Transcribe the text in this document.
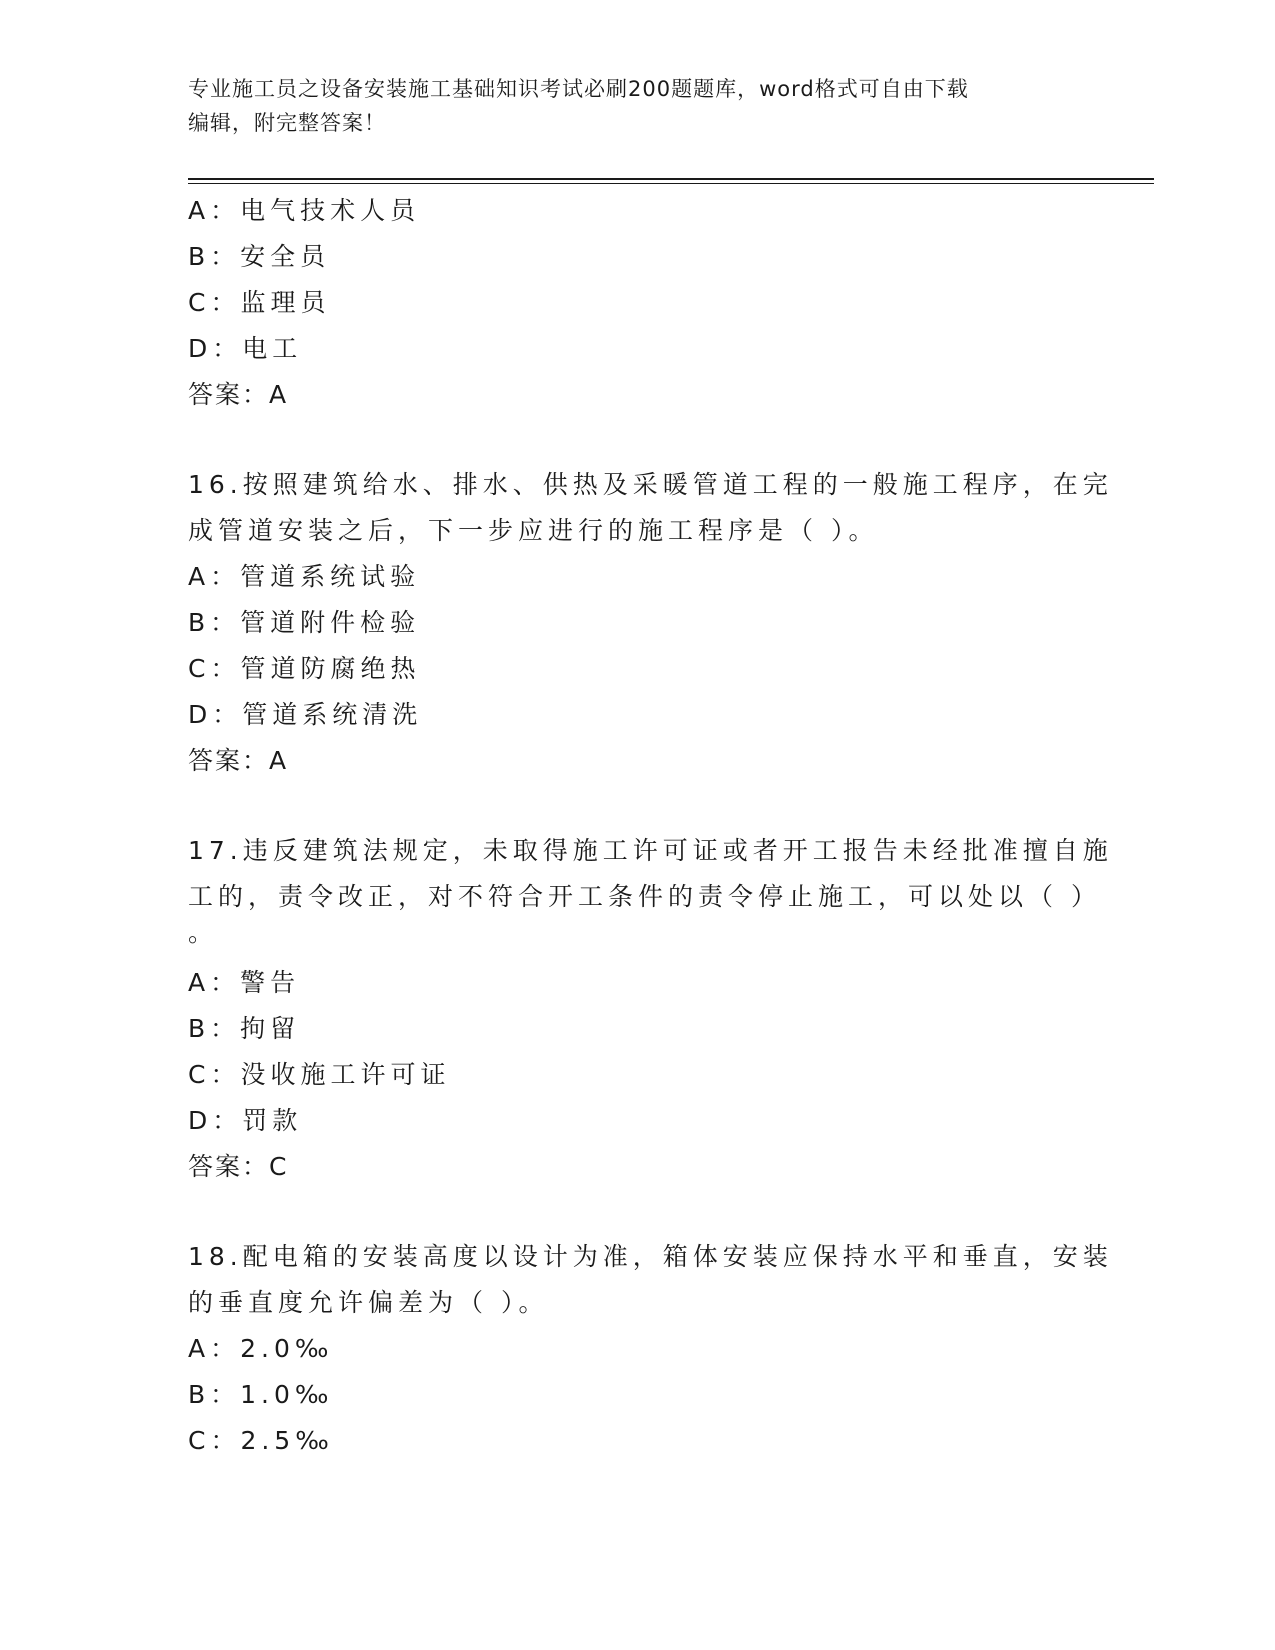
专业施工员之设备安装施工基础知识考试必刷200题题库，word格式可自由下载
编辑，附完整答案！
A：电气技术人员
B：安全员
C：监理员
D：电工
答案：A
16.按照建筑给水、排水、供热及采暖管道工程的一般施工程序，在完
成管道安装之后，下一步应进行的施工程序是（ ）。
A：管道系统试验
B：管道附件检验
C：管道防腐绝热
D：管道系统清洗
答案：A
17.违反建筑法规定，未取得施工许可证或者开工报告未经批准擅自施
工的，责令改正，对不符合开工条件的责令停止施工，可以处以（ ）
。
A：警告
B：拘留
C：没收施工许可证
D：罚款
答案：C
18.配电箱的安装高度以设计为准，箱体安装应保持水平和垂直，安装
的垂直度允许偏差为（ ）。
A：2.0‰
B：1.0‰
C：2.5‰
